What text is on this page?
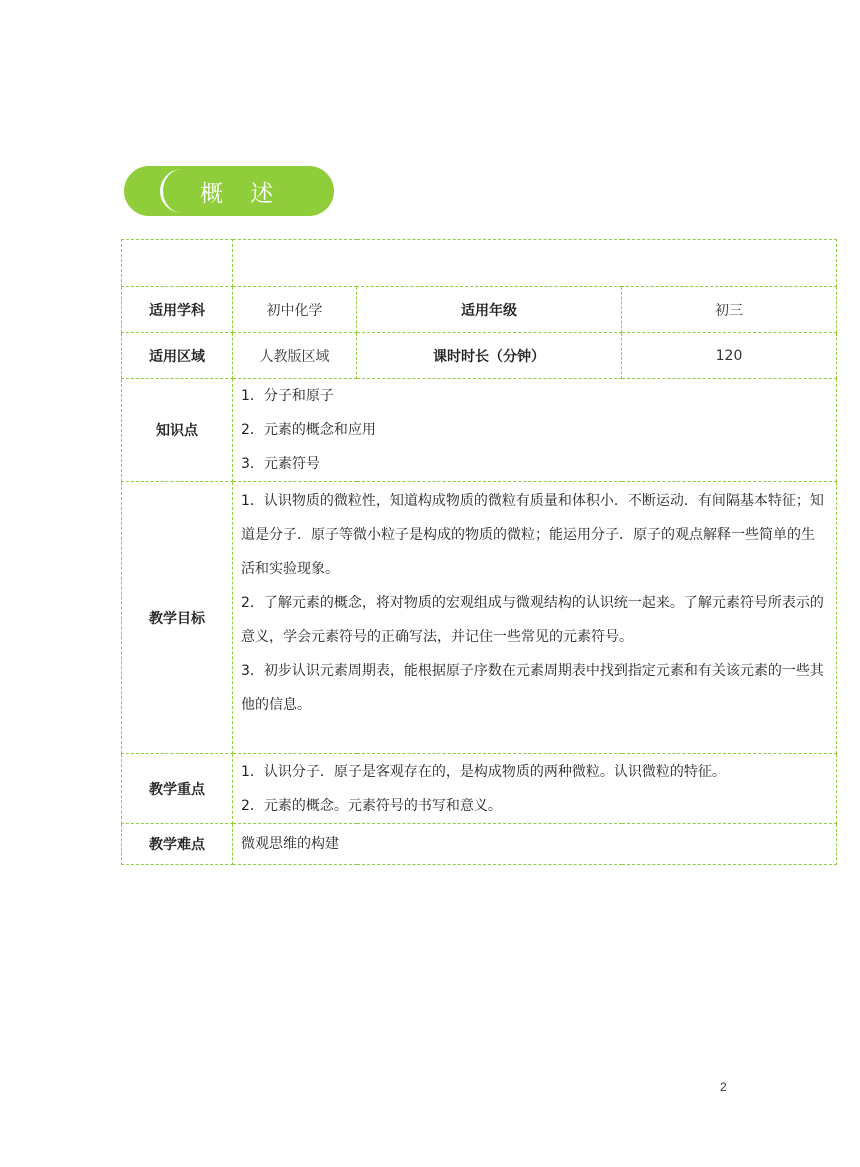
概 述

适用学科	初中化学	适用年级	初三
适用区域	人教版区域	课时时长（分钟）	120
知识点	1．分子和原子
2．元素的概念和应用
3．元素符号		

教学目标	1．认识物质的微粒性，知道构成物质的微粒有质量和体积小．不断运动．有间隔基本特征；知道是分子．原子等微小粒子是构成的物质的微粒；能运用分子．原子的观点解释一些简单的生活和实验现象。
2．了解元素的概念，将对物质的宏观组成与微观结构的认识统一起来。了解元素符号所表示的意义，学会元素符号的正确写法，并记住一些常见的元素符号。
3．初步认识元素周期表，能根据原子序数在元素周期表中找到指定元素和有关该元素的一些其他的信息。		

教学重点	1．认识分子．原子是客观存在的，是构成物质的两种微粒。认识微粒的特征。
2．元素的概念。元素符号的书写和意义。		

教学难点	微观思维的构建		
2
